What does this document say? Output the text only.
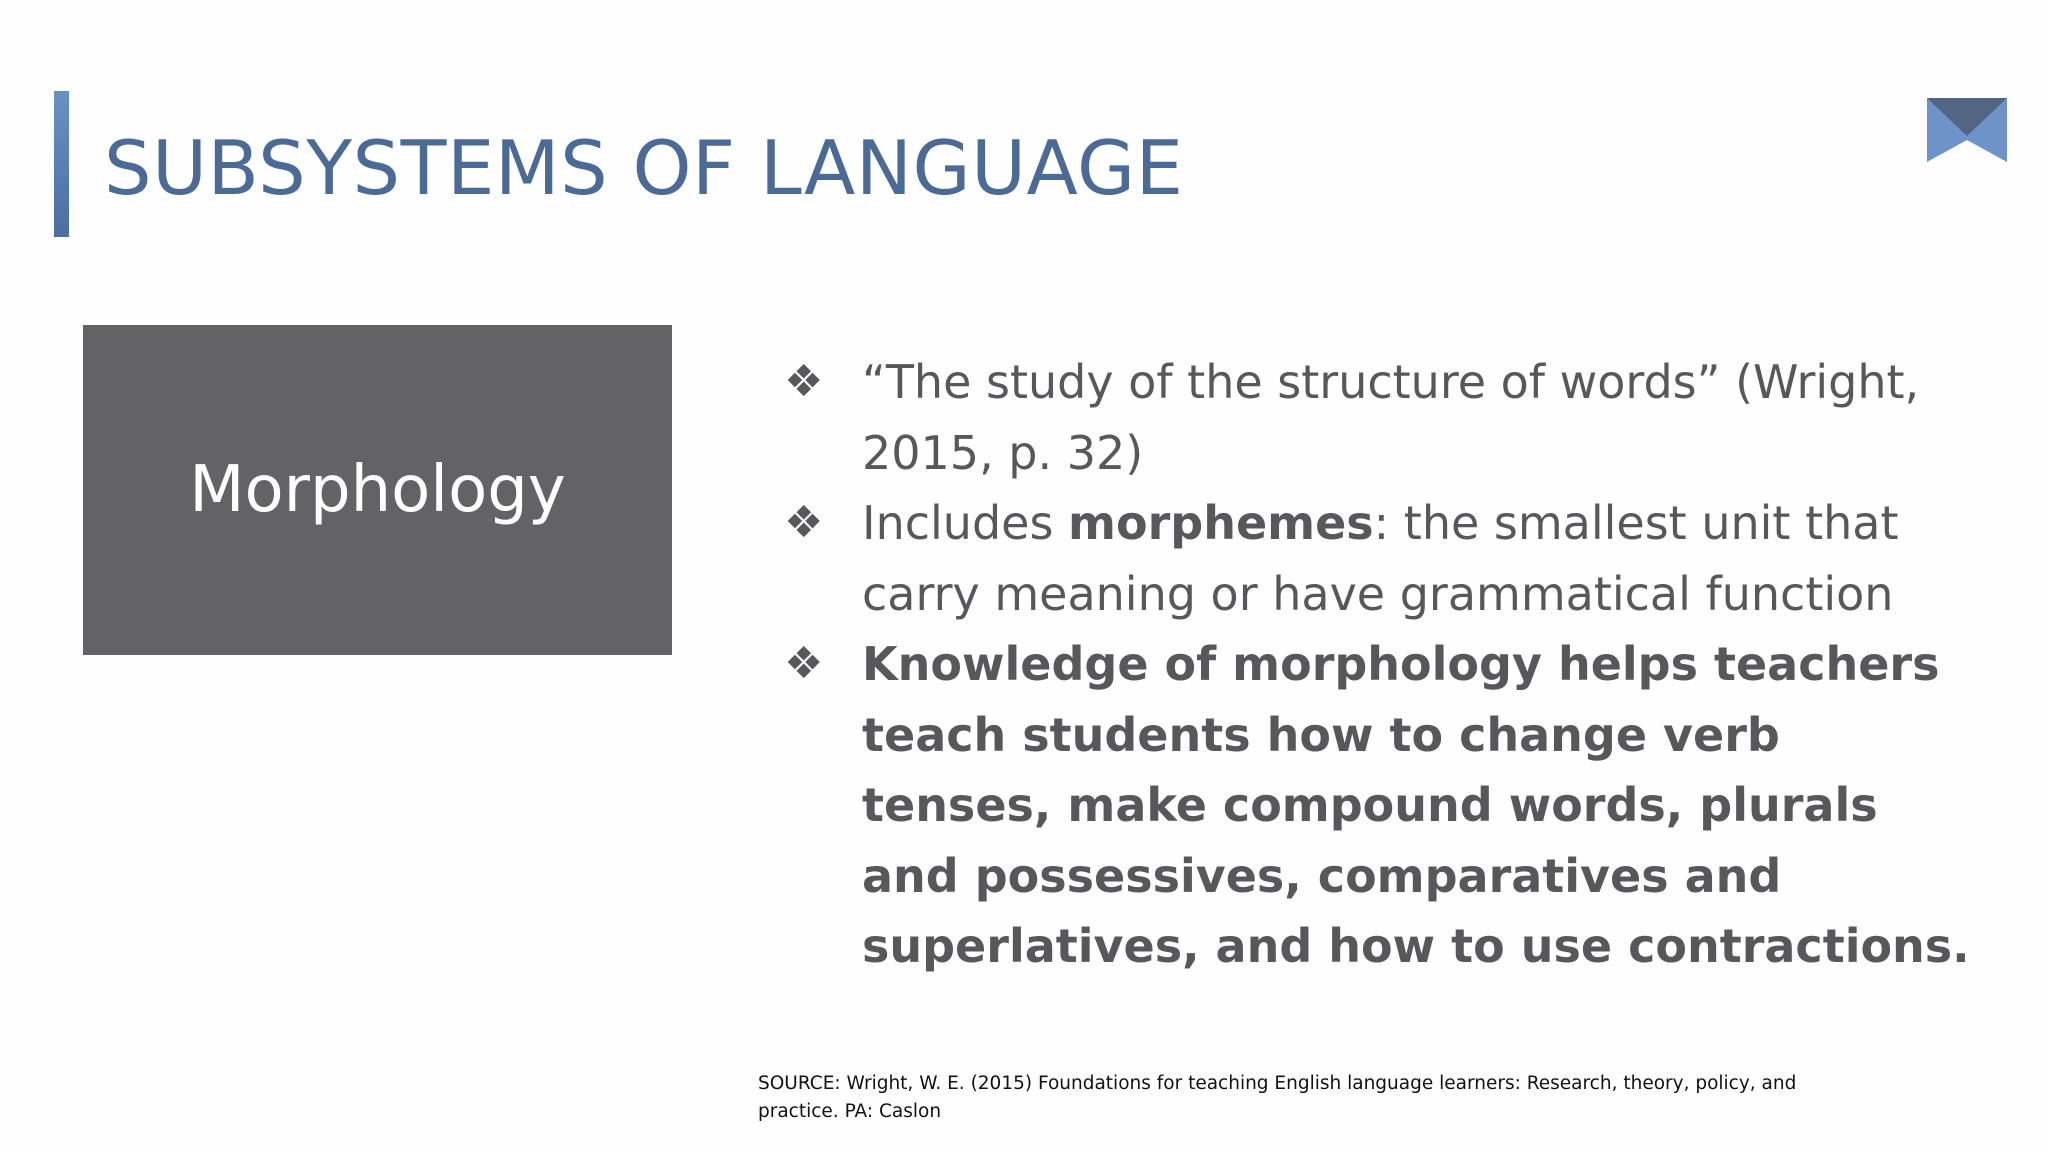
SUBSYSTEMS OF LANGUAGE
Morphology
❖ “The study of the structure of words” (Wright, 2015, p. 32)
❖ Includes morphemes: the smallest unit that carry meaning or have grammatical function
❖ Knowledge of morphology helps teachers teach students how to change verb tenses, make compound words, plurals and possessives, comparatives and superlatives, and how to use contractions.
SOURCE: Wright, W. E. (2015) Foundations for teaching English language learners: Research, theory, policy, and practice. PA: Caslon
